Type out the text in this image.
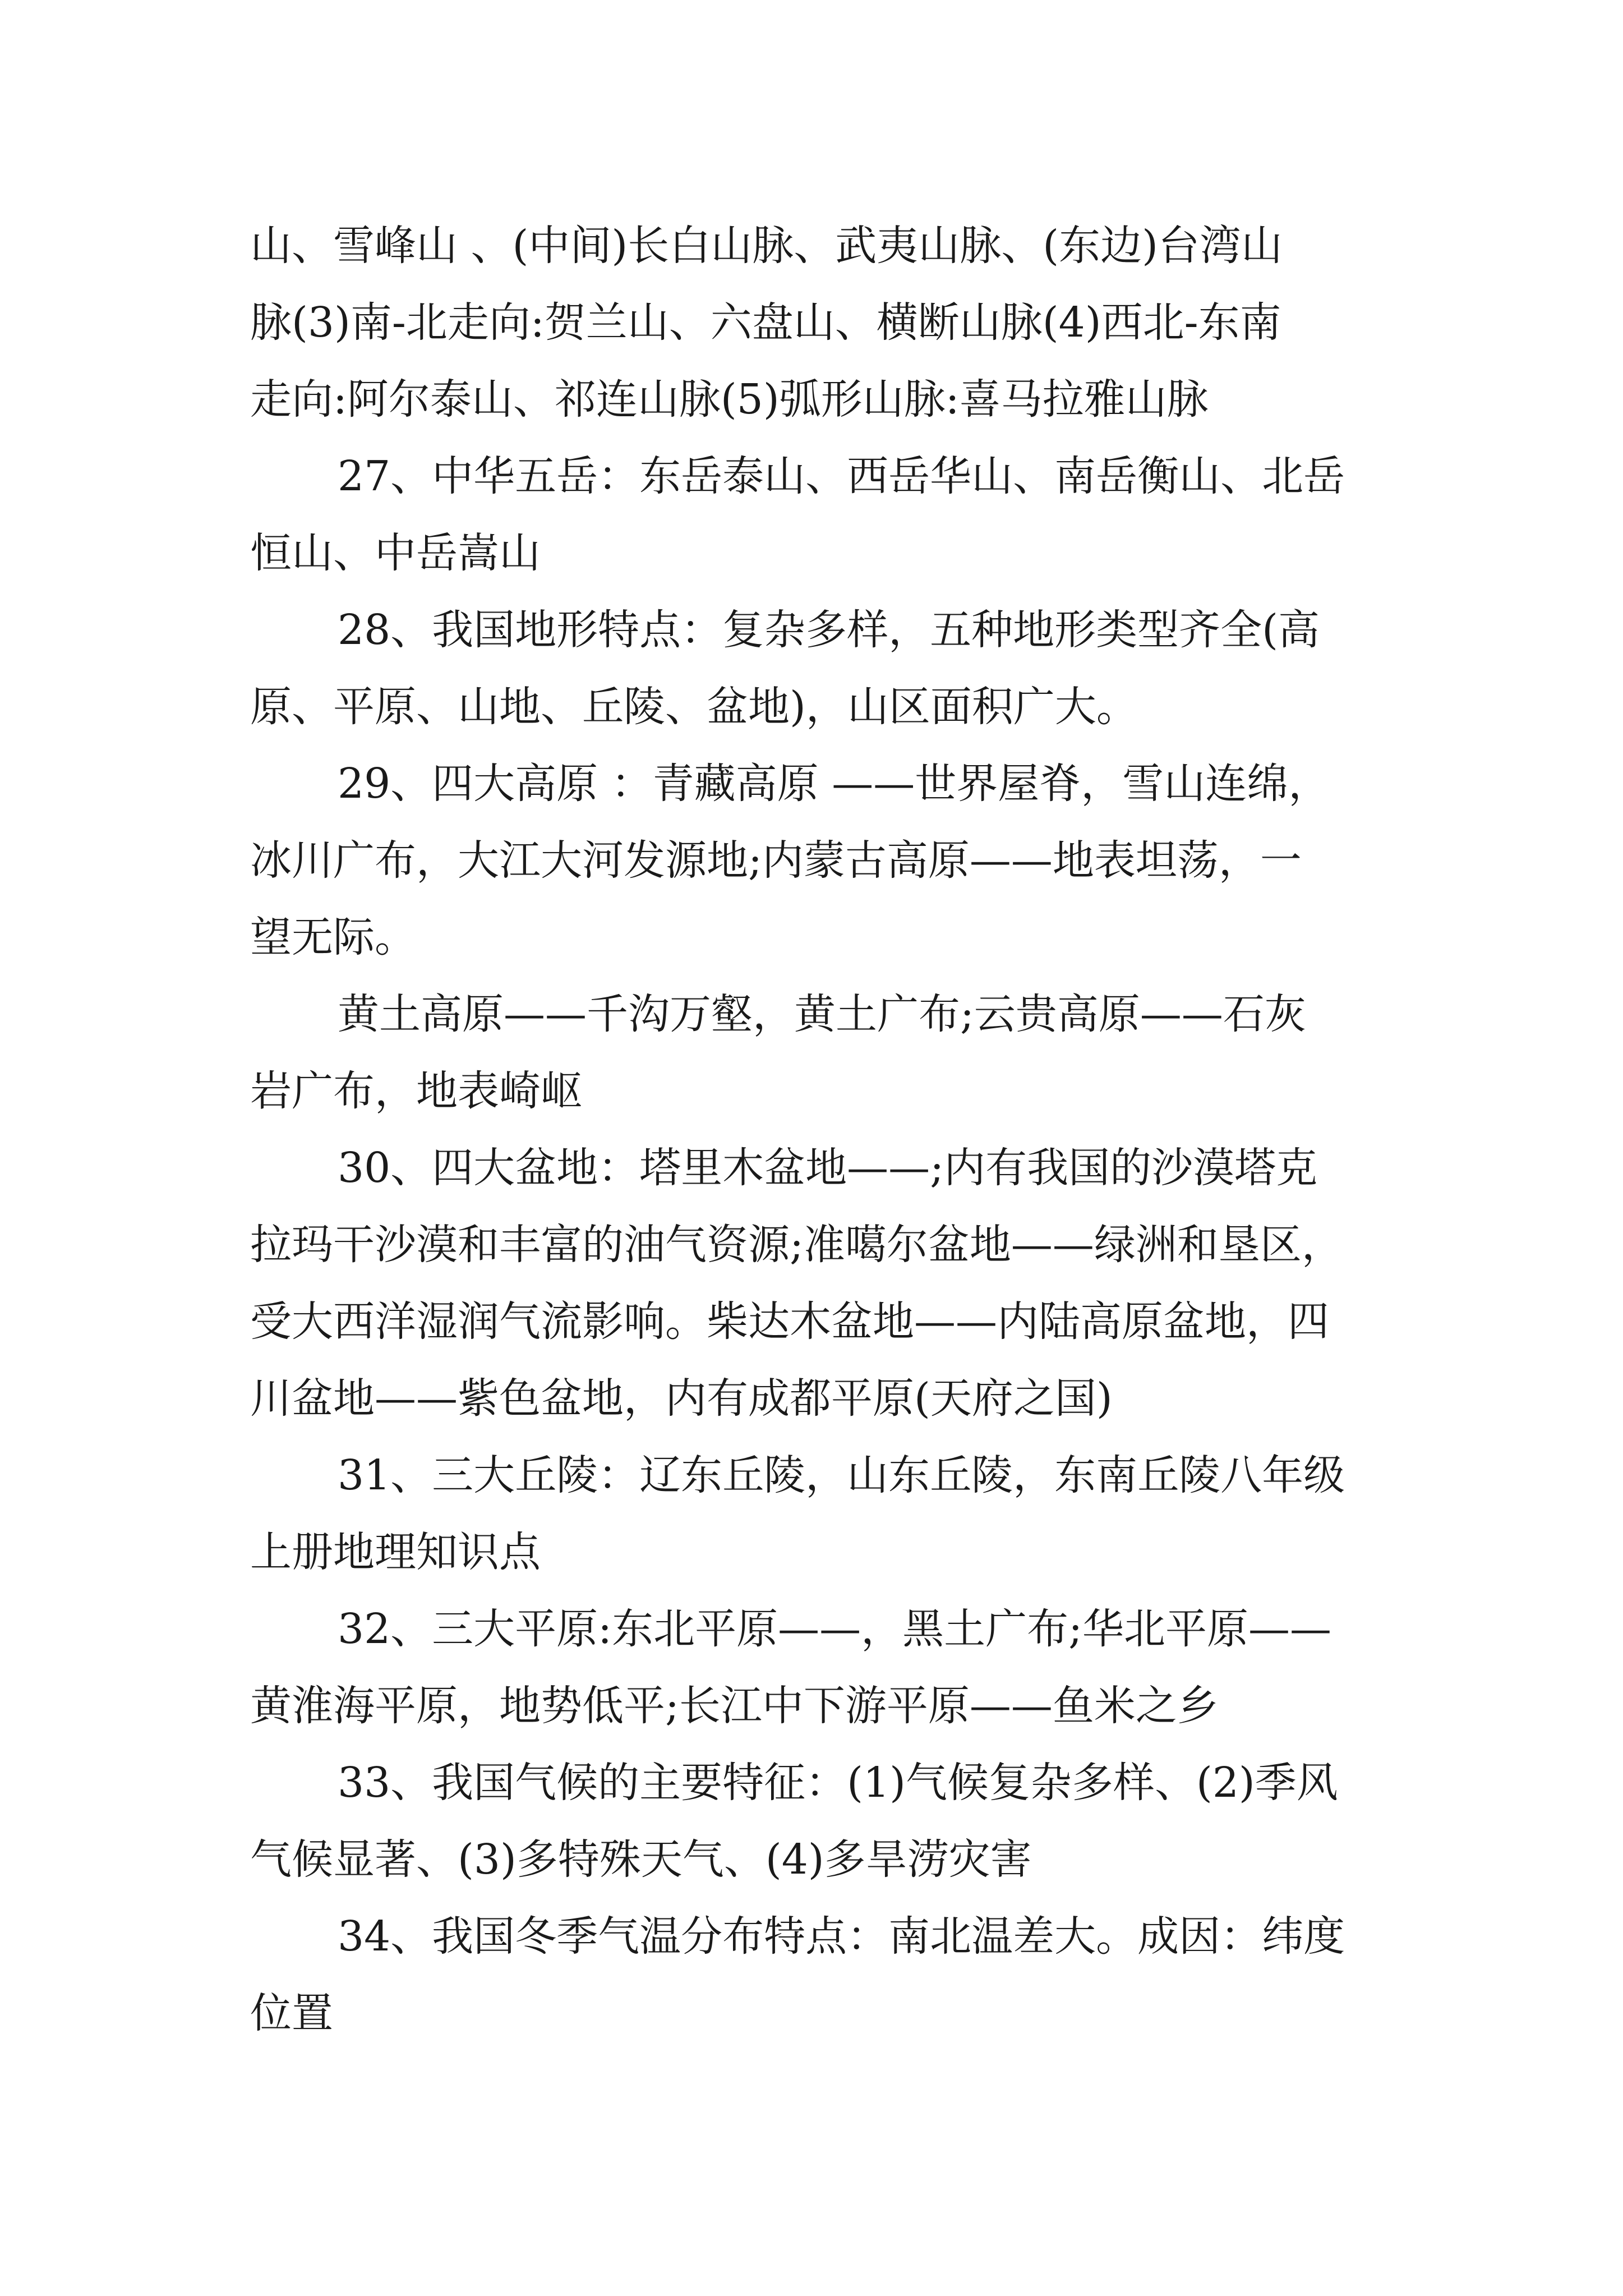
山、雪峰山 、(中间)长白山脉、武夷山脉、(东边)台湾山
脉(3)南-北走向:贺兰山、六盘山、横断山脉(4)西北-东南
走向:阿尔泰山、祁连山脉(5)弧形山脉:喜马拉雅山脉
27、中华五岳：东岳泰山、西岳华山、南岳衡山、北岳
恒山、中岳嵩山
28、我国地形特点：复杂多样，五种地形类型齐全(高
原、平原、山地、丘陵、盆地)，山区面积广大。
29、四大高原 ：青藏高原 ——世界屋脊，雪山连绵，
冰川广布，大江大河发源地;内蒙古高原——地表坦荡，一
望无际。
黄土高原——千沟万壑，黄土广布;云贵高原——石灰
岩广布，地表崎岖
30、四大盆地：塔里木盆地——;内有我国的沙漠塔克
拉玛干沙漠和丰富的油气资源;准噶尔盆地——绿洲和垦区，
受大西洋湿润气流影响。柴达木盆地——内陆高原盆地，四
川盆地——紫色盆地，内有成都平原(天府之国)
31、三大丘陵：辽东丘陵，山东丘陵，东南丘陵八年级
上册地理知识点
32、三大平原:东北平原——，黑土广布;华北平原——
黄淮海平原，地势低平;长江中下游平原——鱼米之乡
33、我国气候的主要特征：(1)气候复杂多样、(2)季风
气候显著、(3)多特殊天气、(4)多旱涝灾害
34、我国冬季气温分布特点：南北温差大。成因：纬度
位置
